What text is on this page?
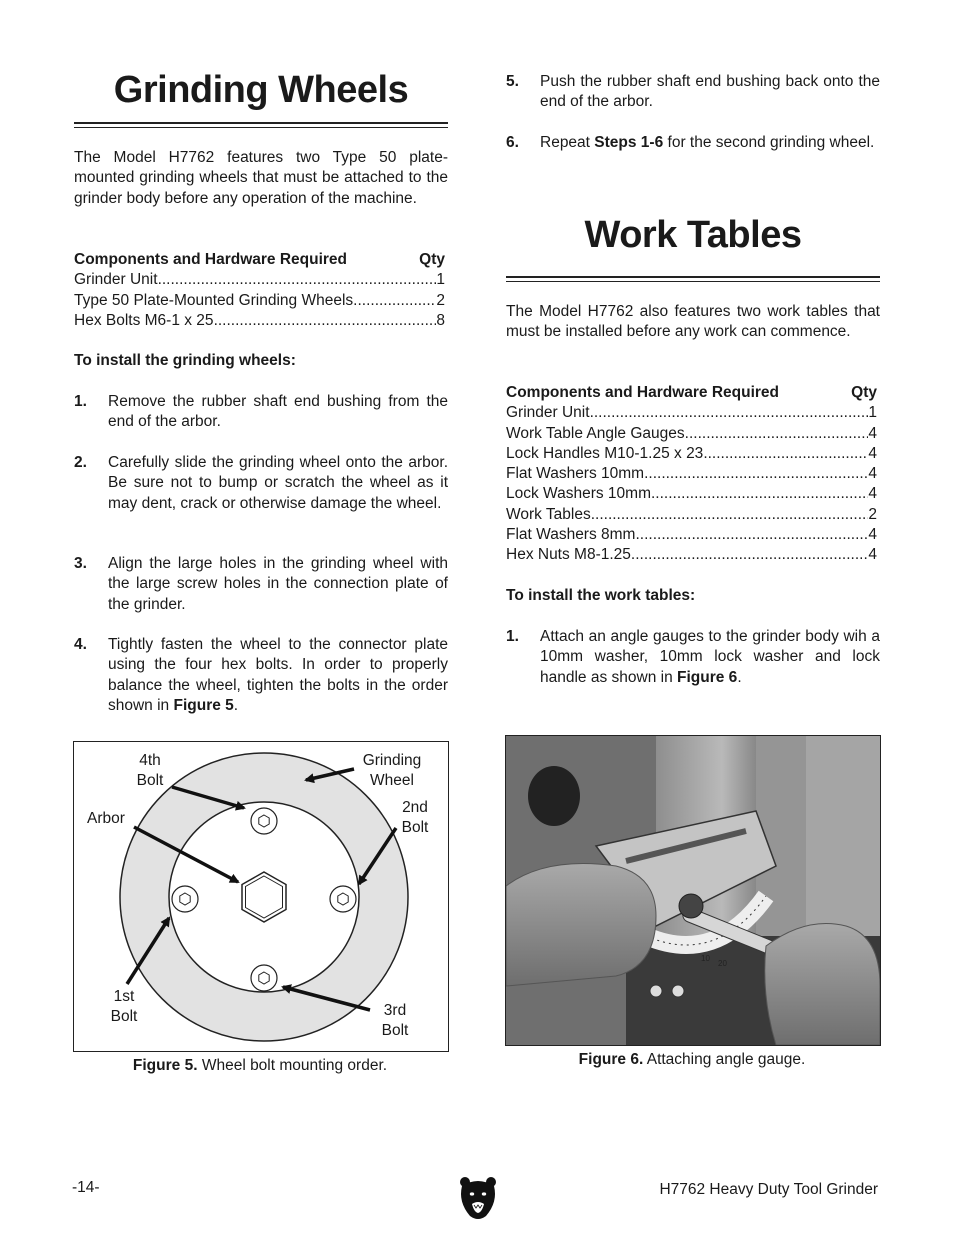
Grinding Wheels

The Model H7762 features two Type 50 plate-mounted grinding wheels that must be attached to the grinder body before any operation of the machine.

Components and Hardware Required	Qty
Grinder Unit .....	1
Type 50 Plate-Mounted Grinding Wheels .....	2
Hex Bolts M6-1 x 25 .....	8
To install the grinding wheels:
1.	Remove the rubber shaft end bushing from the end of the arbor.
2.	Carefully slide the grinding wheel onto the arbor. Be sure not to bump or scratch the wheel as it may dent, crack or otherwise damage the wheel.
3.	Align the large holes in the grinding wheel with the large screw holes in the connection plate of the grinder.
4.	Tightly fasten the wheel to the connector plate using the four hex bolts. In order to properly balance the wheel, tighten the bolts in the order shown in Figure 5.
4th
Bolt
Grinding
Wheel
Arbor
2nd
Bolt
1st
Bolt	3rd
Bolt
Figure 5. Wheel bolt mounting order.
5.	Push the rubber shaft end bushing back onto the end of the arbor.
6.	Repeat Steps 1-6 for the second grinding wheel.
Work Tables

The Model H7762 also features two work tables that must be installed before any work can commence.

Components and Hardware Required	Qty
Grinder Unit .....	1
Work Table Angle Gauges .....	4
Lock Handles M10-1.25 x 23 .....	4
Flat Washers 10mm .....	4
Lock Washers 10mm .....	4
Work Tables .....	2
Flat Washers 8mm .....	4
Hex Nuts M8-1.25 .....	4
To install the work tables:
1.	Attach an angle gauges to the grinder body wih a 10mm washer, 10mm lock washer and lock handle as shown in Figure 6.
10
20
Figure 6. Attaching angle gauge.
-14-	H7762 Heavy Duty Tool Grinder
